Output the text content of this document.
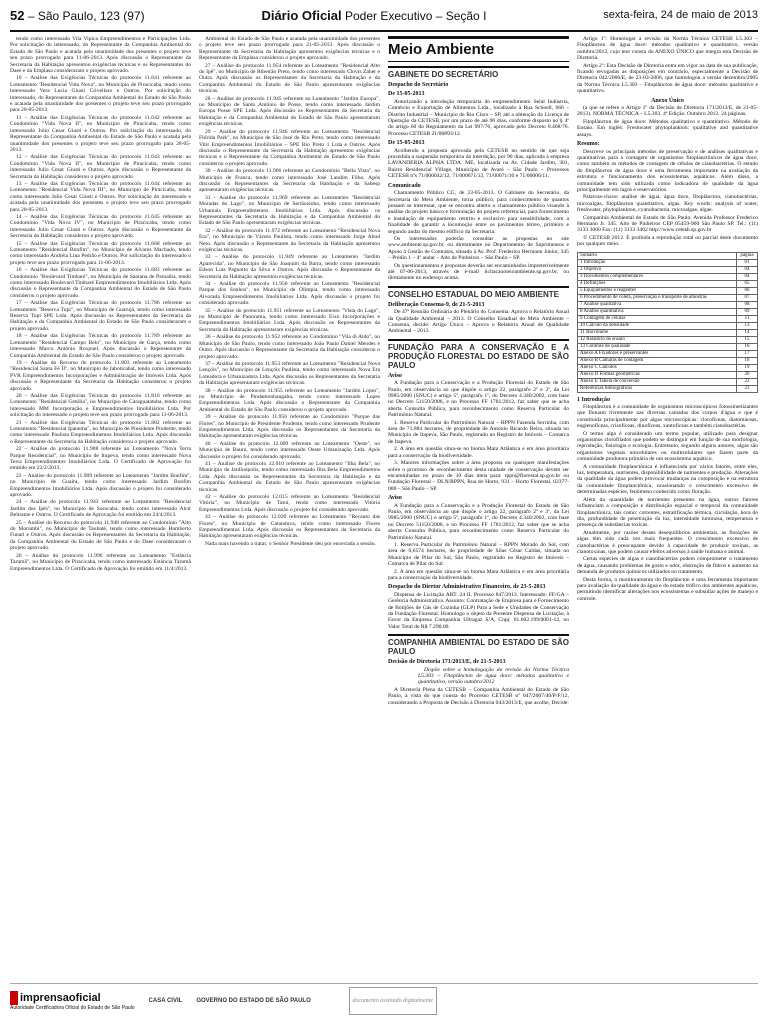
52 – São Paulo, 123 (97)	Diário Oficial Poder Executivo – Seção I	sexta-feira, 24 de maio de 2013

tendo como interessado Vila Vipica Empreendimentos e Participações Ltda. Por solicitação do interessado, do Representante da Companhia Ambiental do Estado de São Paulo e acatada pela unanimidade dos presentes o projeto teve seu prazo prorrogado para 11-06-2013. Após discussão o Representante da Secretaria da Habitação apresentou exigências técnicas e os Representantes do Daee e da Emplasa consideraram o projeto aprovado.

10 – Análise das Exigências Técnicas do protocolo 11.641 referente ao Loteamento "Residencial Vida Nova", no Município de Piracicaba, tendo como interessado Vera Lucia Giusti Crivellaro e Outros. Por solicitação do interessado, do Representante da Companhia Ambiental do Estado de São Paulo e acatada pela unanimidade dos presentes o projeto teve seu prazo prorrogado para 28-05-2013.

11 – Análise das Exigências Técnicas do protocolo 11.642 referente ao Condomínio "Vida Nova II", no Município de Piracicaba, tendo como interessado Julio Cesar Giusti e Outros. Por solicitação do interessado, do Representante da Companhia Ambiental do Estado de São Paulo e acatada pela unanimidade dos presentes o projeto teve seu prazo prorrogado para 28-05-2013.

12 – Análise das Exigências Técnicas do protocolo 11.643 referente ao Condomínio "Vida Nova II", no Município de Piracicaba, tendo como interessado Julio Cesar Giusti e Outros. Após discussão o Representante da Secretaria da Habitação considerou o projeto aprovado.

13 – Análise das Exigências Técnicas do protocolo 11.644 referente ao Loteamento "Residencial Vida Nova III", no Município de Piracicaba, tendo como interessado Julio Cesar Giusti e Outros. Por solicitação do interessado e acatada pela unanimidade dos presentes o projeto teve seu prazo prorrogado para 28-05-2013.

14 – Análise das Exigências Técnicas do protocolo 11.645 referente ao Condomínio "Vida Nova IV", no Município de Piracicaba, tendo como interessado Julio Cesar Giusti e Outros. Após discussão o Representante da Secretaria da Habitação considerou o projeto aprovado.

15 – Análise das Exigências Técnicas do protocolo 11.668 referente ao Loteamento "Residencial Bonfim", no Município de Alvares Machado, tendo como interessado Andréia Lina Pedrão e Outros. Por solicitação do interessado o projeto teve seu prazo prorrogado para 11-06-2013.

16 – Análise das Exigências Técnicas do protocolo 11.683 referente ao Condomínio "Boulevard Timbaré", no Município de Santana de Parnaíba, tendo como interessado Boulevard Timbaré Empreendimentos Imobiliários Ltda. Após discussão o Representante da Companhia Ambiental do Estado de São Paulo considerou o projeto aprovado.

17 – Análise das Exigências Técnicas do protocolo 11.786 referente ao Loteamento "Reserva Tupi", no Município de Guarujá, tendo como interessado Reserva Tupi SPE Ltda. Após discussão os Representantes da Secretaria da Habitação e da Companhia Ambiental do Estado de São Paulo consideraram o projeto aprovado.

18 – Análise das Exigências Técnicas do protocolo 11.789 referente ao Loteamento "Residencial Campo Belo", no Município de Garça, tendo como interessado Marco Antônio Roxpuel. Após discussão o Representante da Companhia Ambiental do Estado de São Paulo considerou o projeto aprovado.

19 – Análise do Recurso do protocolo 11.803 referente ao Loteamento "Residencial Santa Fé II", no Município de Jaboticabal, tendo como interessado PVR Empreendimentos Incorporações e Administração de Imóveis Ltda. Após discussão o Representante da Secretaria da Habitação considerou o projeto aprovado.

20 – Análise das Exigências Técnicas do protocolo 11.816 referente ao Loteamento "Residencial Getúlia", no Município de Caraguatatuba, tendo como interessado MM Incorporação e Empreendimentos Imobiliários Ltda. Por solicitação do interessado o projeto teve seu prazo prorrogado para 11-06-2013.

21 – Análise das Exigências Técnicas do protocolo 11.882 referente ao Loteamento "Residencial Ipanema", no Município de Presidente Prudente, tendo como interessado Paulista Empreendimentos Imobiliários Ltda. Após discussão o Representante da Secretaria da Habitação considerou o projeto aprovado.

22 – Análise do protocolo 11.908 referente ao Loteamento "Nova Terra Parque Residencial", no Município de Itupeva, tendo como interessado Nova Terra Empreendimentos Imobiliários Ltda. O Certificado de Aprovação foi emitido em 22/2/2013.

23 – Análise do protocolo 11.909 referente ao Loteamento "Jardim Bonfim", no Município de Guaíra, tendo como interessado Jardim Bonfim Empreendimentos Imobiliários Ltda. Após discussão o projeto foi considerado aprovado.

24 – Análise do protocolo 11.943 referente ao Loteamento "Residencial Jardim dos Ipês", no Município de Sorocaba, tendo como interessado Alcir Beltrame e Outros. O Certificado de Aprovação foi emitido em 24/4/2013.

25 – Análise do Recurso do protocolo 11.948 referente ao Condomínio "Alto do Morumbi", no Município de Taubaté, tendo como interessado Humberto Funari e Outros. Após discussão os Representantes da Secretaria da Habitação, da Companhia Ambiental do Estado de São Paulo e do Daee consideraram o projeto aprovado.

26 – Análise do protocolo 11.996 referente ao Loteamento "Estância Tarumã", no Município de Piracicaba, tendo como interessado Estância Tarumã Empreendimentos Ltda. O Certificado de Aprovação foi emitido em 11/4/2013.

Ambiental do Estado de São Paulo e acatada pela unanimidade dos presentes o projeto teve seu prazo prorrogado para 21-05-2013. Após discussão o Representante da Secretaria da Habitação apresentou exigências técnicas e o Representante da Emplasa considerou o projeto aprovado.

27 – Análise do protocolo 11.954 referente ao Loteamento "Residencial Alto do Ipê", no Município de Ribeirão Preto, tendo como interessado Clovis Zaher e Outra. Após discussão os Representantes da Secretaria da Habitação e da Companhia Ambiental do Estado de São Paulo apresentaram exigências técnicas.

28 – Análise do protocolo 11.945 referente ao Loteamento "Jardim Europa", no Município de Santo Antônio de Posse, tendo como interessado Jardim Europa Posse SPE Ltda. Após discussão os Representantes da Secretaria da Habitação e da Companhia Ambiental do Estado de São Paulo apresentaram exigências técnicas.

29 – Análise do protocolo 11.946 referente ao Loteamento "Residencial Flórida Park", no Município de São José do Rio Preto, tendo como interessado Vitir Empreendimentos Imobiliários – SPE Rio Preto 1 Ltda e Outros. Após discussão o Representante da Secretaria da Habitação apresentou exigências técnicas e o Representante da Companhia Ambiental do Estado de São Paulo considerou o projeto aprovado.

30 – Análise do protocolo 11.966 referente ao Condomínio "Bella Vista", no Município de Franca, tendo como interessado José Landim Filho. Após discussão os Representantes da Secretaria da Habitação e da Sabesp apresentaram exigências técnicas.

31 – Análise do protocolo 11.969 referente ao Loteamento "Residencial Moradas do Lago", no Município de Sertãozinho, tendo como interessado Urbamais Empreendimentos Imobiliários Ltda. Após discussão os Representantes da Secretaria da Habitação e da Companhia Ambiental do Estado de São Paulo apresentaram exigências técnicas.

32 – Análise do protocolo 11.972 referente ao Loteamento "Residencial Nova Era", no Município de Várzea Paulista, tendo como interessado Jorge Abud Neto. Após discussão o Representante da Secretaria da Habitação apresentou exigências técnicas.

33 – Análise do protocolo 11.949 referente ao Loteamento "Jardim Aparecida", no Município de São Joaquim da Barra, tendo como interessado Edson Luis Pagnotto da Silva e Outros. Após discussão o Representante da Secretaria da Habitação apresentou exigências técnicas.

34 – Análise do protocolo 11.950 referente ao Loteamento "Residencial Parque dos Sonhos", no Município de Olímpia, tendo como interessado Alvorada Empreendimentos Imobiliários Ltda. Após discussão o projeto foi considerado aprovado.

35 – Análise do protocolo 11.951 referente ao Loteamento "Vista do Lago", no Município de Panorama, tendo como interessado Eixo Incorporações e Empreendimentos Imobiliários Ltda. Após discussão os Representantes da Secretaria da Habitação apresentaram exigências técnicas.

36 – Análise do protocolo 11.952 referente ao Condomínio "Vila di Aldo", no Município de São Paulo, tendo como interessado João Paulo Daniel Mendes e Outro. Após discussão o Representante da Secretaria da Habitação considerou o projeto aprovado.

37 – Análise do protocolo 11.953 referente ao Loteamento "Residencial Nova Lençóis", no Município de Lençóis Paulista, tendo como interessado Nova Era Loteadora e Urbanizadora Ltda. Após discussão os Representantes da Secretaria da Habitação apresentaram exigências técnicas.

38 – Análise do protocolo 11.955 referente ao Loteamento "Jardim Lopes", no Município de Pindamonhangaba, tendo como interessado Lopes Empreendimentos Ltda. Após discussão o Representante da Companhia Ambiental do Estado de São Paulo considerou o projeto aprovado.

39 – Análise do protocolo 11.956 referente ao Condomínio "Parque das Flores", no Município de Presidente Prudente, tendo como interessado Prudente Empreendimentos Ltda. Após discussão os Representantes da Secretaria da Habitação apresentaram exigências técnicas.

40 – Análise do protocolo 12.009 referente ao Loteamento "Oeste", no Município de Bauru, tendo como interessado Oeste Urbanização Ltda. Após discussão o projeto foi considerado aprovado.

41 – Análise do protocolo 12.010 referente ao Loteamento "Ilha Bela", no Município de Jardinópolis, tendo como interessado Ilha Bela Empreendimentos Ltda. Após discussão os Representantes da Secretaria da Habitação e da Companhia Ambiental do Estado de São Paulo apresentaram exigências técnicas.

42 – Análise do protocolo 12.015 referente ao Loteamento "Residencial Vitória", no Município de Tatuí, tendo como interessado Vitória Empreendimentos Ltda. Após discussão o projeto foi considerado aprovado.

43 – Análise do protocolo 12.020 referente ao Loteamento "Recanto das Flores", no Município de Catanduva, tendo como interessado Flores Empreendimentos Ltda. Após discussão os Representantes da Secretaria da Habitação apresentaram exigências técnicas.

Nada mais havendo a tratar, o Senhor Presidente deu por encerrada a sessão.

Meio Ambiente
GABINETE DO SECRETÁRIO
Despacho do Secretário
De 15-05-2013

Autorizando a introdução temporária do empreendimento Selal Indústria, Comércio e Exportação de Alimentos Ltda., localizado à Rua Schoell, 666 – Distrito Industrial – Município de Rio Claro – SP, até a obtenção da Licença de Operação da CETESB, por um prazo de até 90 dias, conforme disposto no § 4º do artigo 60 do Regulamento da Lei 997/76, aprovado pelo Decreto 8.468/76. Processo CETESB 21/00893/12.

De 15-05-2013

Acolhendo a proposta aprovada pela CETESB no sentido de que seja procedida a suspensão temporária da interdição, por 90 dias, aplicada à empresa LAVANDERIA ALPHA LTDA. ME, localizada na Av. Cidade Jardim, 301, Bairro Residencial Village, Município de Avaré – São Paulo – Processos CETESB nºs 71/000042/12, 71/000071/12, 71/00071/10 e 71/00006/11.

Comunicado

Chamamento Público CG, de 23-05-2013. O Gabinete do Secretário, da Secretaria do Meio Ambiente, torna público, para conhecimento de quantos possam se interessar, que se encontra aberto o chamamento público visando à análise do projeto básico e formulação do projeto referencial, para fornecimento e instalação de equipamento restrito e exclusivo para sensibilidade, com a finalidade de garantir a locomoção entre os pavimentos térreo, primeiro e segundo andar do mesmo edifício da Secretaria.

Os interessados poderão consultar as propostas no site www.ambiente.sp.gov.br, ou diretamente no Departamento de Suprimentos e Apoio à Gestão de Contratos, situado à Av. Prof. Frederico Hermann Júnior, 345 – Prédio 1 – 4º andar – Alto de Pinheiros – São Paulo – SP.

Os questionamentos e propostas deverão ser encaminhados impreterivelmente até 07-06-2013, através de e-mail licitacaomeioambiente.sp.gov.br, ou diretamente no endereço acima.

CONSELHO ESTADUAL DO MEIO AMBIENTE
Deliberação Consema-9, de 21-5-2013

De 47ª Reunião Ordinária do Plenário do Consema. Aprova o Relatório Anual da Qualidade Ambiental – 2013. O Conselho Estadual do Meio Ambiente – Consema, decide: Artigo Único – Aprova o Relatório Anual de Qualidade Ambiental – 2013.

FUNDAÇÃO PARA A CONSERVAÇÃO E A PRODUÇÃO FLORESTAL DO ESTADO DE SÃO PAULO
Aviso

A Fundação para a Conservação e a Produção Florestal do Estado de São Paulo, em observância ao que dispõe o artigo 22, parágrafo 2º e 3º, da Lei 9985/2000 (SNUC) e artigo 5º, parágrafo 1º, do Decreto 4.340/2002, com base no Decreto 51150/2006, e no Processo FF 1781/2012, faz saber que se acha aberta Consulta Pública, para reconhecimento como Reserva Particular do Patrimônio Natural.

1. Reserva Particular do Patrimônio Natural – RPPN Fazenda Serrinha, com área de 71,884 hectares, de propriedade de Antonio Ricardo Beira, situada no Município de Itapeva, São Paulo, registrado no Registro de Imóveis – Comarca de Itapeva.

2. A área em questão situa-se no bioma Mata Atlântica e em área prioritária para a conservação da biodiversidade.

3. Maiores informações sobre a área proposta ou quaisquer manifestações sobre o processo de reconhecimento desta unidade de conservação devem ser encaminhadas no prazo de 10 dias úteis para: rppn@florestal.sp.gov.br ou Fundação Florestal – DLN/RPPN, Rua do Horto, 931 – Horto Florestal, 02377-000 – São Paulo – SP.

Aviso

A Fundação para a Conservação e a Produção Florestal do Estado de São Paulo, em observância ao que dispõe o artigo 22, parágrafo 2º e 3º, da Lei 9985/2000 (SNUC) e artigo 5º, parágrafo 1º, do Decreto 4.340/2002, com base no Decreto 51150/2006, e no Processo FF 1781/2012, faz saber que se acha aberta Consulta Pública, para reconhecimento como Reserva Particular do Patrimônio Natural.

1. Reserva Particular do Patrimônio Natural – RPPN Morado do Sol, com área de 0,6574 hectares, de propriedade de Silas César Caldas, situada no Município de Pilar do Sul, São Paulo, registrado no Registro de Imóveis – Comarca de Pilar do Sul.

2. A área em questão situa-se no bioma Mata Atlântica e em área prioritária para a conservação da biodiversidade.

Despacho do Diretor Administrativo Financeiro, de 23-5-2013

Dispensa de Licitação ART. 24 II. Processo 847/2013. Interessado: FF/GA – Gerência Administrativa. Assunto: Contratação de Empresa para o Fornecimento de Botijões de Gás de Cozinha (GLP) Para a Sede e Unidades de Conservação da Fundação Florestal. Homologo o objeto da Presente Dispensa de Licitação, à Favor da Empresa Companhia Ultragaz S/A, Cnpj: 61.602.199/0001-12, no Valor Total de R$ 7.290,00.

COMPANHIA AMBIENTAL DO ESTADO DE SÃO PAULO
Decisão de Diretoria 171/2013/E, de 21-5-2013

Dispõe sobre a homologação da revisão da Norma Técnica L5.303 – Fitoplâncton de água doce: métodos qualitativo e quantitativo, versão outubro/2012

A Diretoria Plena da CETESB – Companhia Ambiental do Estado de São Paulo, à vista do que consta do Processo CETESB nº 047/2007/40/P/F/12, considerando a Proposta de Decisão à Diretoria 043/2013/E, que acolhe, Decide:

Artigo 1º: Homologar a revisão da Norma Técnica CETESB L5.303 – Fitoplâncton de água doce: métodos qualitativo e quantitativo, versão outubro/2012, cujo teor consta do ANEXO ÚNICO que integra esta Decisão de Diretoria.

Artigo 2º: Esta Decisão de Diretoria entra em vigor na data de sua publicação, ficando revogadas as disposições em contrário, especialmente a Decisão de Diretoria 042/2006/E, de 23-03-2006, que homologou a versão dezembro/2005 da Norma Técnica L5.303 – Fitoplâncton de água doce: métodos qualitativo e quantitativo.

Anexo Único

(a que se refere o Artigo 1º da Decisão de Diretoria 171/2013/E, de 21-05-2013). NORMA TÉCNICA – L5.303. 4ª Edição. Outubro 2012. 24 páginas.

Fitoplâncton de água doce: Métodos qualitativo e quantitativo. Método de Ensaio. Em inglês: Freshwater phytoplankton: qualitative and quantitative assays.

Resumo:

Descreve os principais métodos de preservação e de análises qualitativas e quantitativas para a contagem de organismos fitoplanctônicos de água doce, como também os métodos de contagem de células de cianobactérias. O estudo do fitoplâncton de água doce é uma ferramenta importante na avaliação da estrutura e funcionamento dos ecossistemas aquáticos. Além disso, a comunidade tem sido utilizada como indicadora de qualidade da água principalmente em lagos e reservatórios.

Palavras-chave: análise de água, água doce, fitoplâncton, cianobactérias, microalgas, fitoplâncton quantitativo, algas. Key words: analysis of water, freshwater, phytoplankton, cyanobacteria, microalgae, algae.

Companhia Ambiental do Estado de São Paulo. Avenida Professor Frederico Hermann Jr. 345. Alto de Pinheiros CEP 05459-900 São Paulo SP. Tel.: (11) 3133 3000 Fax: (11) 3133 3402 http://www.cetesb.sp.gov.br

© CETESB 2012. É proibida a reprodução total ou parcial deste documento por qualquer meio.

Sumário	página
1 Introdução	01
2 Objetivo	04
3 Documentos complementares	04
4 Definições	05
5 Equipamentos e reagentes	06
6 Procedimento de coleta, preservação e transporte de amostras	07
7 Análise qualitativa	08
8 Análise quantitativa	09
9 Contagem de células	11
10 Cálculo da densidade	13
11 Biovolume	14
12 Relatório de ensaio	15
13 Controle de qualidade	16
Anexo A Fixadores e preservantes	17
Anexo B Câmaras de contagem	18
Anexo C Cálculos	19
Anexo D Formas geométricas	20
Anexo E Tabela de conversão	22
Referências bibliográficas	23
1 Introdução

Fitoplâncton é a comunidade de organismos microscópicos fotossintetizantes que flutuam livremente nas diversas camadas dos corpos d'água e que é constituída principalmente por algas microscópicas: clorofíceas, diatomáceas, euglenofíceas, crisofíceas, dinofíceas, xantofíceas e também cianobactérias.

O termo alga é considerado um termo popular, utilizado para designar organismos clorofilados que podem se distinguir em função de sua morfologia, reprodução, fisiologia e ecologia. Entretanto, segundo alguns autores, algas são organismos vegetais unicelulares ou multicelulares que fazem parte da comunidade produtora primária de um ecossistema aquático.

A comunidade fitoplanctônica é influenciada por vários fatores, entre eles, luz, temperatura, nutrientes, disponibilidade de nutrientes e predação. Alterações da qualidade da água podem provocar mudanças na composição e na estrutura da comunidade fitoplanctônica, ocasionando o crescimento excessivo de determinadas espécies, fenômeno conhecido como floração.

Além da quantidade de nutrientes presentes na água, outros fatores influenciam a composição e distribuição espacial e temporal da comunidade fitoplanctônica, tais como: correntes, estratificação térmica, circulação, hora do dia, profundidade de penetração da luz, intensidade luminosa, temperatura e presença de substâncias tóxicas.

Atualmente, por razões desses desequilíbrios ambientais, as florações de algas têm sido cada vez mais frequentes. O crescimento excessivo de cianobactérias é preocupante devido à capacidade de produzir toxinas, as cianotoxinas, que podem causar efeitos adversos à saúde humana e animal.

Certas espécies de algas e cianobactérias podem comprometer o tratamento de água, causando problemas de gosto e odor, obstrução de filtros e aumento na demanda de produtos químicos utilizados no tratamento.

Desta forma, o monitoramento do fitoplâncton é uma ferramenta importante para avaliação da qualidade da água e do estado trófico dos ambientes aquáticos, permitindo identificar alterações nos ecossistemas e subsidiar ações de manejo e controle.

imprensaoficial
Autoridade Certificadora Oficial do Estado de São Paulo
CASA CIVIL GOVERNO DO ESTADO DE SÃO PAULO	documento assinado digitalmente
